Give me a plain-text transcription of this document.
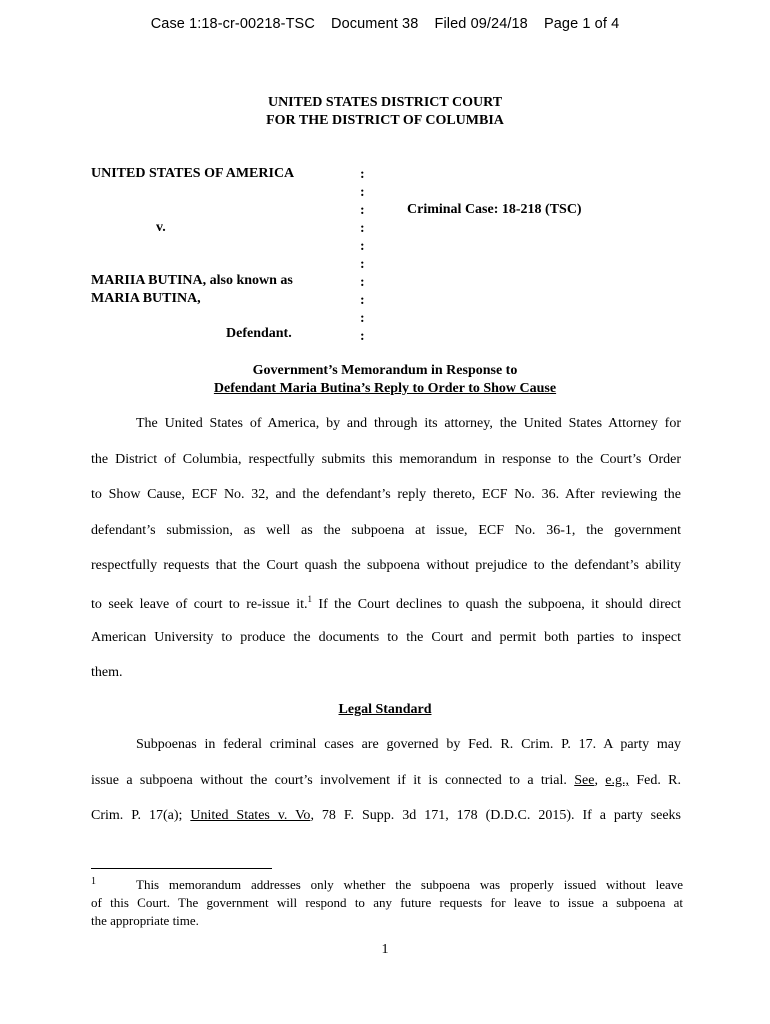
Case 1:18-cr-00218-TSC Document 38 Filed 09/24/18 Page 1 of 4
UNITED STATES DISTRICT COURT
FOR THE DISTRICT OF COLUMBIA
UNITED STATES OF AMERICA
v.
MARIIA BUTINA, also known as
MARIA BUTINA,
Defendant.
:
:
:
:
:
:
:
:
:
:
Criminal Case: 18-218 (TSC)
Government’s Memorandum in Response to
Defendant Maria Butina’s Reply to Order to Show Cause
The United States of America, by and through its attorney, the United States Attorney for
the District of Columbia, respectfully submits this memorandum in response to the Court’s Order
to Show Cause, ECF No. 32, and the defendant’s reply thereto, ECF No. 36. After reviewing the
defendant’s submission, as well as the subpoena at issue, ECF No. 36-1, the government
respectfully requests that the Court quash the subpoena without prejudice to the defendant’s ability
to seek leave of court to re-issue it.$^1$ If the Court declines to quash the subpoena, it should direct
American University to produce the documents to the Court and permit both parties to inspect
them.
Legal Standard
Subpoenas in federal criminal cases are governed by Fed. R. Crim. P. 17. A party may
issue a subpoena without the court’s involvement if it is connected to a trial. See, e.g., Fed. R.
Crim. P. 17(a); United States v. Vo, 78 F. Supp. 3d 171, 178 (D.D.C. 2015). If a party seeks
1	This memorandum addresses only whether the subpoena was properly issued without leave
of this Court. The government will respond to any future requests for leave to issue a subpoena at
the appropriate time.
1
